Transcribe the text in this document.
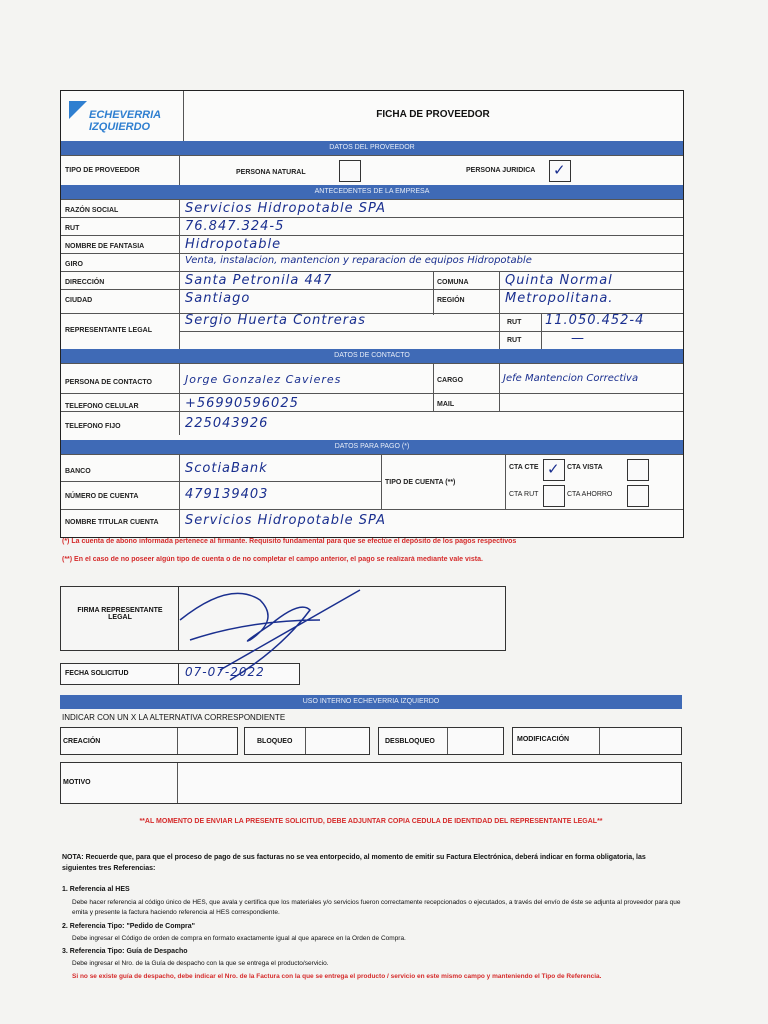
ECHEVERRIA
IZQUIERDO
FICHA DE PROVEEDOR
DATOS DEL PROVEEDOR
TIPO DE PROVEEDOR	PERSONA NATURAL	PERSONA JURIDICA ✓
ANTECEDENTES DE LA EMPRESA
RAZÓN SOCIAL	Servicios Hidropotable SPA
RUT	76.847.324-5
NOMBRE DE FANTASIA	Hidropotable
GIRO	Venta, instalacion, mantencion y reparacion de equipos Hidropotable
DIRECCIÓN	Santa Petronila 447	COMUNA	Quinta Normal
CIUDAD	Santiago	REGIÓN	Metropolitana.
REPRESENTANTE LEGAL
Sergio Huerta Contreras	RUT 11.050.452-4
RUT	—
DATOS DE CONTACTO
PERSONA DE CONTACTO	Jorge Gonzalez Cavieres	CARGO	Jefe Mantencion Correctiva
TELEFONO CELULAR	+56990596025	MAIL
TELEFONO FIJO	225043926
DATOS PARA PAGO (*)
BANCO	ScotiaBank
TIPO DE CUENTA (**)
CTA CTE ✓ CTA VISTA
CTA RUT	CTA AHORRO
NÚMERO DE CUENTA	479139403
NOMBRE TITULAR CUENTA Servicios Hidropotable SPA
(*) La cuenta de abono informada pertenece al firmante. Requisito fundamental para que se efectúe el depósito de los pagos respectivos
(**) En el caso de no poseer algún tipo de cuenta o de no completar el campo anterior, el pago se realizará mediante vale vista.
FIRMA REPRESENTANTE LEGAL
FECHA SOLICITUD	07-07-2022
USO INTERNO ECHEVERRIA IZQUIERDO
INDICAR CON UN X LA ALTERNATIVA CORRESPONDIENTE
CREACIÓN	BLOQUEO	DESBLOQUEO	MODIFICACIÓN
MOTIVO
**AL MOMENTO DE ENVIAR LA PRESENTE SOLICITUD, DEBE ADJUNTAR COPIA CEDULA DE IDENTIDAD DEL REPRESENTANTE LEGAL**
NOTA: Recuerde que, para que el proceso de pago de sus facturas no se vea entorpecido, al momento de emitir su Factura Electrónica, deberá indicar en forma obligatoria, las siguientes tres Referencias:
1. Referencia al HES
Debe hacer referencia al código único de HES, que avala y certifica que los materiales y/o servicios fueron correctamente recepcionados o ejecutados, a través del envío de éste se adjunta al proveedor para que emita y presente la factura haciendo referencia al HES correspondiente.
2. Referencia Tipo: "Pedido de Compra"
Debe ingresar el Código de orden de compra en formato exactamente igual al que aparece en la Orden de Compra.
3. Referencia Tipo: Guía de Despacho
Debe ingresar el Nro. de la Guía de despacho con la que se entrega el producto/servicio.
Si no se existe guía de despacho, debe indicar el Nro. de la Factura con la que se entrega el producto / servicio en este mismo campo y manteniendo el Tipo de Referencia.
